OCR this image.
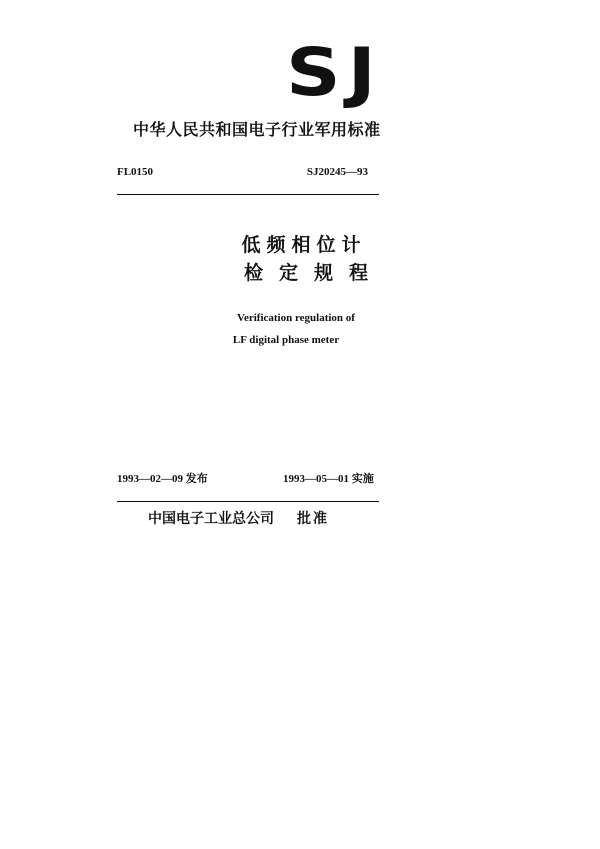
SJ
中华人民共和国电子行业军用标准
FL0150	SJ20245—93
低频相位计
检定规程
Verification regulation of
LF digital phase meter
1993—02—09 发布	1993—05—01 实施
中国电子工业总公司 批准
